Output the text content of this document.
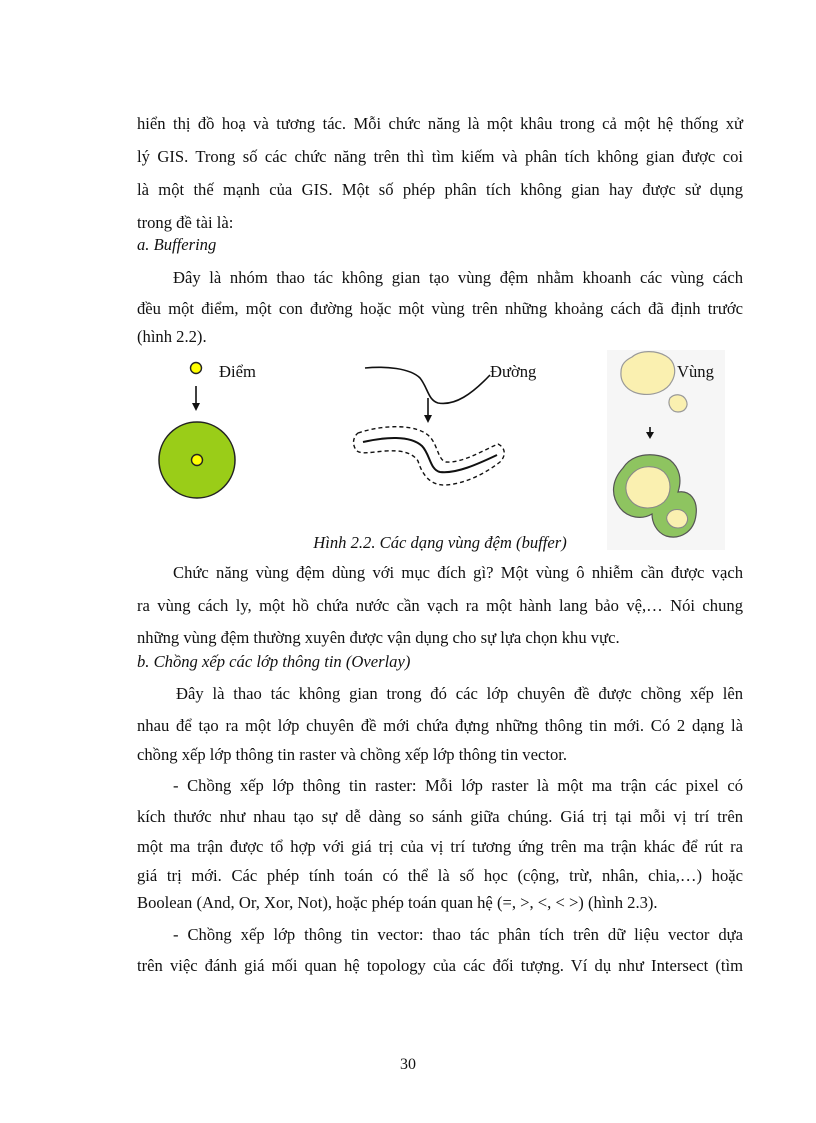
hiển thị đồ hoạ và tương tác. Mỗi chức năng là một khâu trong cả một hệ thống xử
lý GIS. Trong số các chức năng trên thì tìm kiếm và phân tích không gian được coi
là một thế mạnh của GIS. Một số phép phân tích không gian hay được sử dụng
trong đề tài là:
a. Buffering
Đây là nhóm thao tác không gian tạo vùng đệm nhằm khoanh các vùng cách
đều một điểm, một con đường hoặc một vùng trên những khoảng cách đã định trước
(hình 2.2).
Điểm	Đường	Vùng
Hình 2.2. Các dạng vùng đệm (buffer)
Chức năng vùng đệm dùng với mục đích gì? Một vùng ô nhiễm cần được vạch
ra vùng cách ly, một hồ chứa nước cần vạch ra một hành lang bảo vệ,… Nói chung
những vùng đệm thường xuyên được vận dụng cho sự lựa chọn khu vực.
b. Chồng xếp các lớp thông tin (Overlay)
Đây là thao tác không gian trong đó các lớp chuyên đề được chồng xếp lên
nhau để tạo ra một lớp chuyên đề mới chứa đựng những thông tin mới. Có 2 dạng là
chồng xếp lớp thông tin raster và chồng xếp lớp thông tin vector.
- Chồng xếp lớp thông tin raster: Mỗi lớp raster là một ma trận các pixel có
kích thước như nhau tạo sự dễ dàng so sánh giữa chúng. Giá trị tại mỗi vị trí trên
một ma trận được tổ hợp với giá trị của vị trí tương ứng trên ma trận khác để rút ra
giá trị mới. Các phép tính toán có thể là số học (cộng, trừ, nhân, chia,…) hoặc
Boolean (And, Or, Xor, Not), hoặc phép toán quan hệ (=, >, <, < >) (hình 2.3).
- Chồng xếp lớp thông tin vector: thao tác phân tích trên dữ liệu vector dựa
trên việc đánh giá mối quan hệ topology của các đối tượng. Ví dụ như Intersect (tìm
30
